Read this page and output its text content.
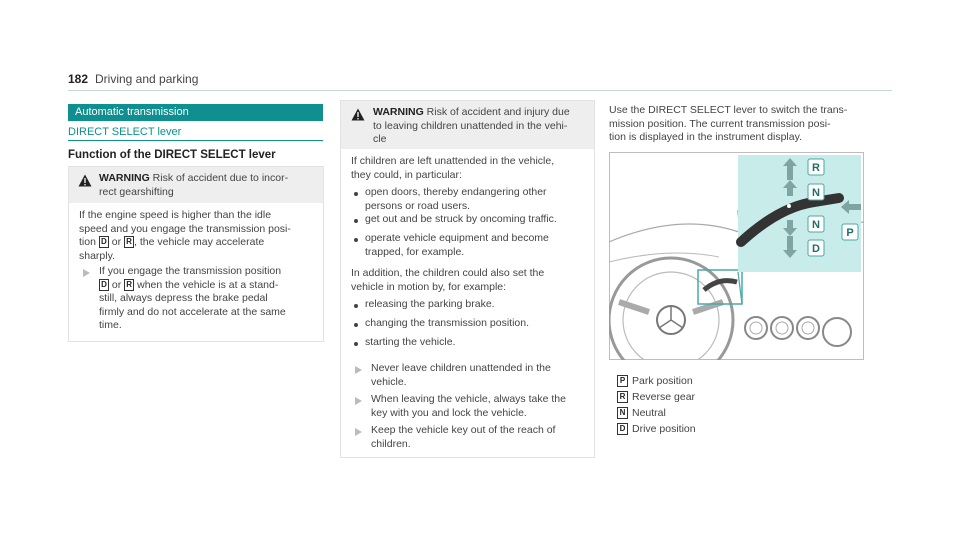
182 Driving and parking
Automatic transmission
DIRECT SELECT lever
Function of the DIRECT SELECT lever
WARNING Risk of accident due to incor-
rect gearshifting
If the engine speed is higher than the idle
speed and you engage the transmission posi-
tion D or R , the vehicle may accelerate
sharply.
If you engage the transmission position
D or R when the vehicle is at a stand-
still, always depress the brake pedal
firmly and do not accelerate at the same
time.
WARNING Risk of accident and injury due
to leaving children unattended in the vehi-
cle
If children are left unattended in the vehicle,
they could, in particular:
open doors, thereby endangering other
persons or road users.
get out and be struck by oncoming traffic.
operate vehicle equipment and become
trapped, for example.
In addition, the children could also set the
vehicle in motion by, for example:
releasing the parking brake.
changing the transmission position.
starting the vehicle.
Never leave children unattended in the
vehicle.
When leaving the vehicle, always take the
key with you and lock the vehicle.
Keep the vehicle key out of the reach of
children.
Use the DIRECT SELECT lever to switch the trans-
mission position. The current transmission posi-
tion is displayed in the instrument display.
R
N
N
D
P
P Park position
R Reverse gear
N Neutral
D Drive position
